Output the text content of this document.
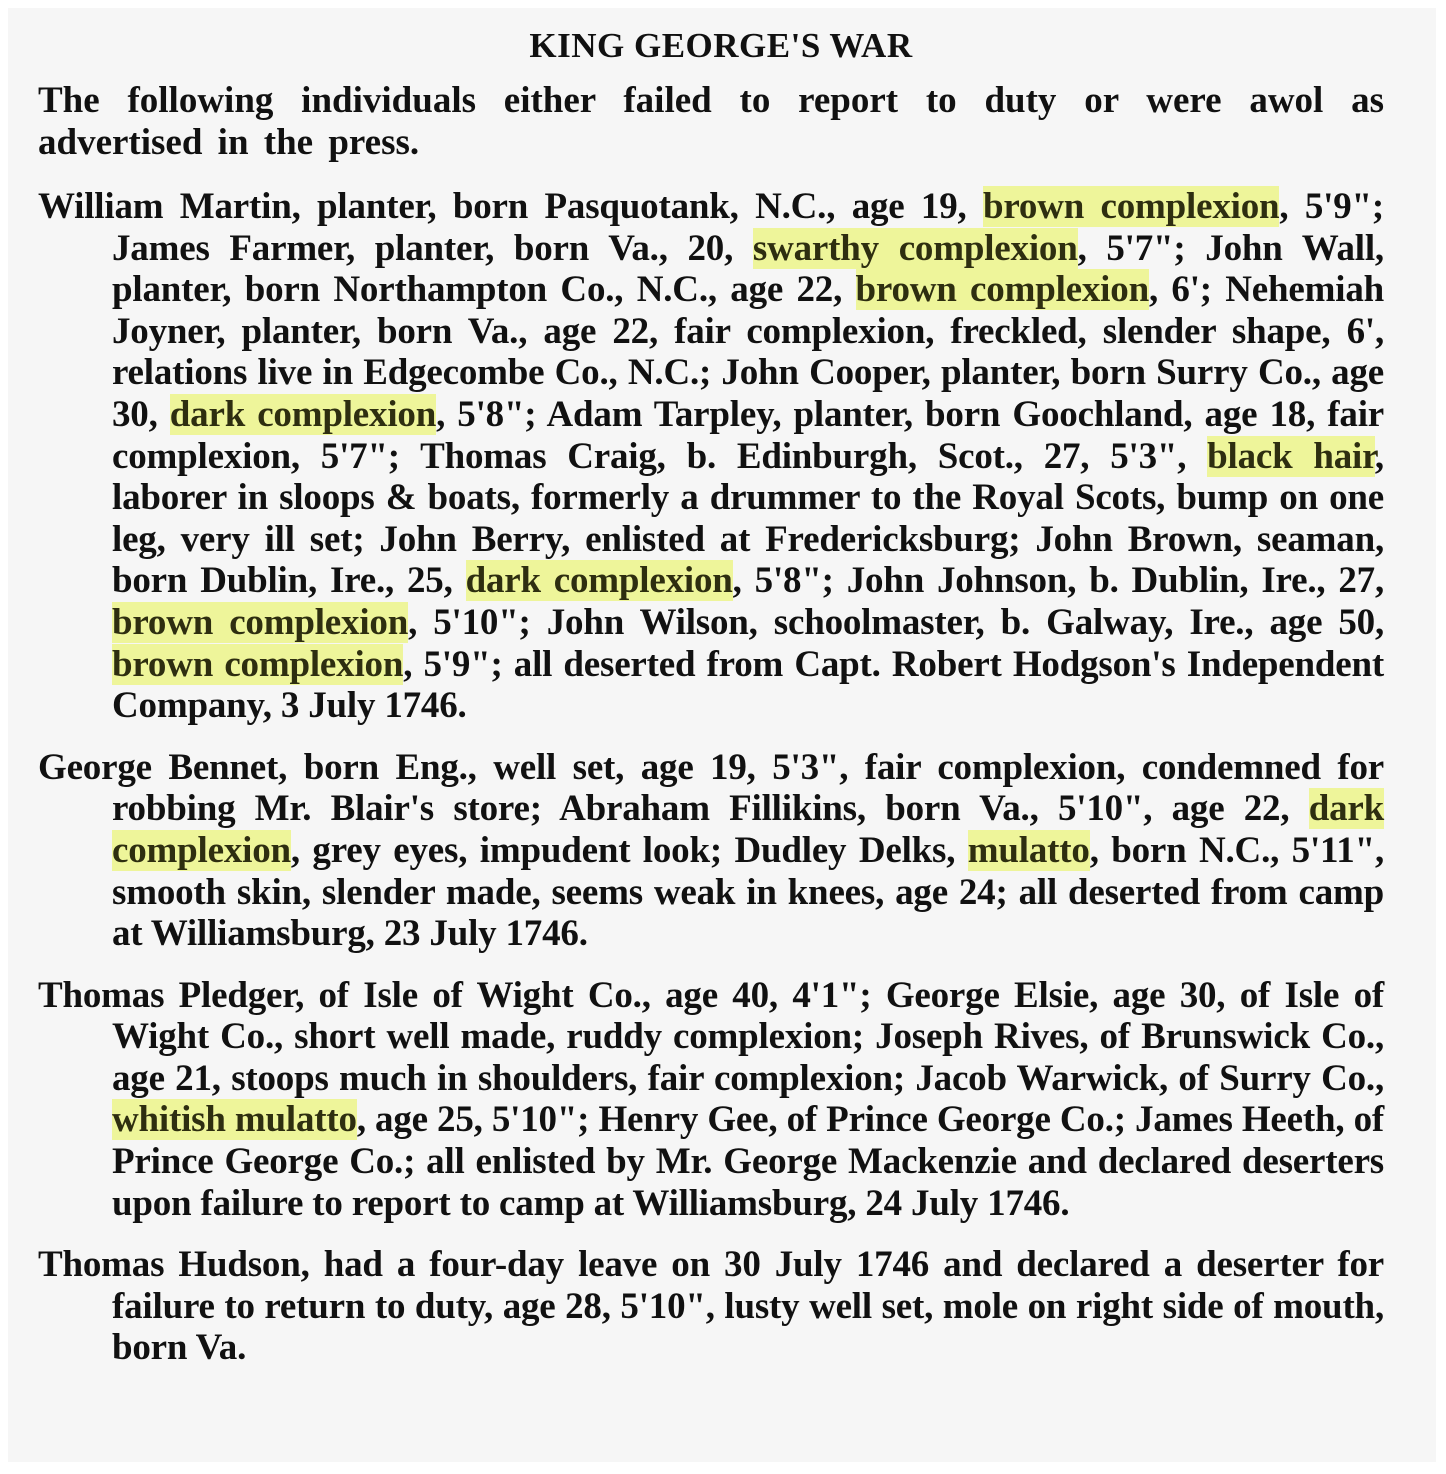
KING GEORGE'S WAR

The following individuals either failed to report to duty or were awol as advertised in the press.

William Martin, planter, born Pasquotank, N.C., age 19, brown complexion, 5'9"; James Farmer, planter, born Va., 20, swarthy complexion, 5'7"; John Wall, planter, born Northampton Co., N.C., age 22, brown complexion, 6'; Nehemiah Joyner, planter, born Va., age 22, fair complexion, freckled, slender shape, 6', relations live in Edgecombe Co., N.C.; John Cooper, planter, born Surry Co., age 30, dark complexion, 5'8"; Adam Tarpley, planter, born Goochland, age 18, fair complexion, 5'7"; Thomas Craig, b. Edinburgh, Scot., 27, 5'3", black hair, laborer in sloops & boats, formerly a drummer to the Royal Scots, bump on one leg, very ill set; John Berry, enlisted at Fredericksburg; John Brown, seaman, born Dublin, Ire., 25, dark complexion, 5'8"; John Johnson, b. Dublin, Ire., 27, brown complexion, 5'10"; John Wilson, schoolmaster, b. Galway, Ire., age 50, brown complexion, 5'9"; all deserted from Capt. Robert Hodgson's Independent Company, 3 July 1746.

George Bennet, born Eng., well set, age 19, 5'3", fair complexion, condemned for robbing Mr. Blair's store; Abraham Fillikins, born Va., 5'10", age 22, dark complexion, grey eyes, impudent look; Dudley Delks, mulatto, born N.C., 5'11", smooth skin, slender made, seems weak in knees, age 24; all deserted from camp at Williamsburg, 23 July 1746.

Thomas Pledger, of Isle of Wight Co., age 40, 4'1"; George Elsie, age 30, of Isle of Wight Co., short well made, ruddy complexion; Joseph Rives, of Brunswick Co., age 21, stoops much in shoulders, fair complexion; Jacob Warwick, of Surry Co., whitish mulatto, age 25, 5'10"; Henry Gee, of Prince George Co.; James Heeth, of Prince George Co.; all enlisted by Mr. George Mackenzie and declared deserters upon failure to report to camp at Williamsburg, 24 July 1746.

Thomas Hudson, had a four-day leave on 30 July 1746 and declared a deserter for failure to return to duty, age 28, 5'10", lusty well set, mole on right side of mouth, born Va.
